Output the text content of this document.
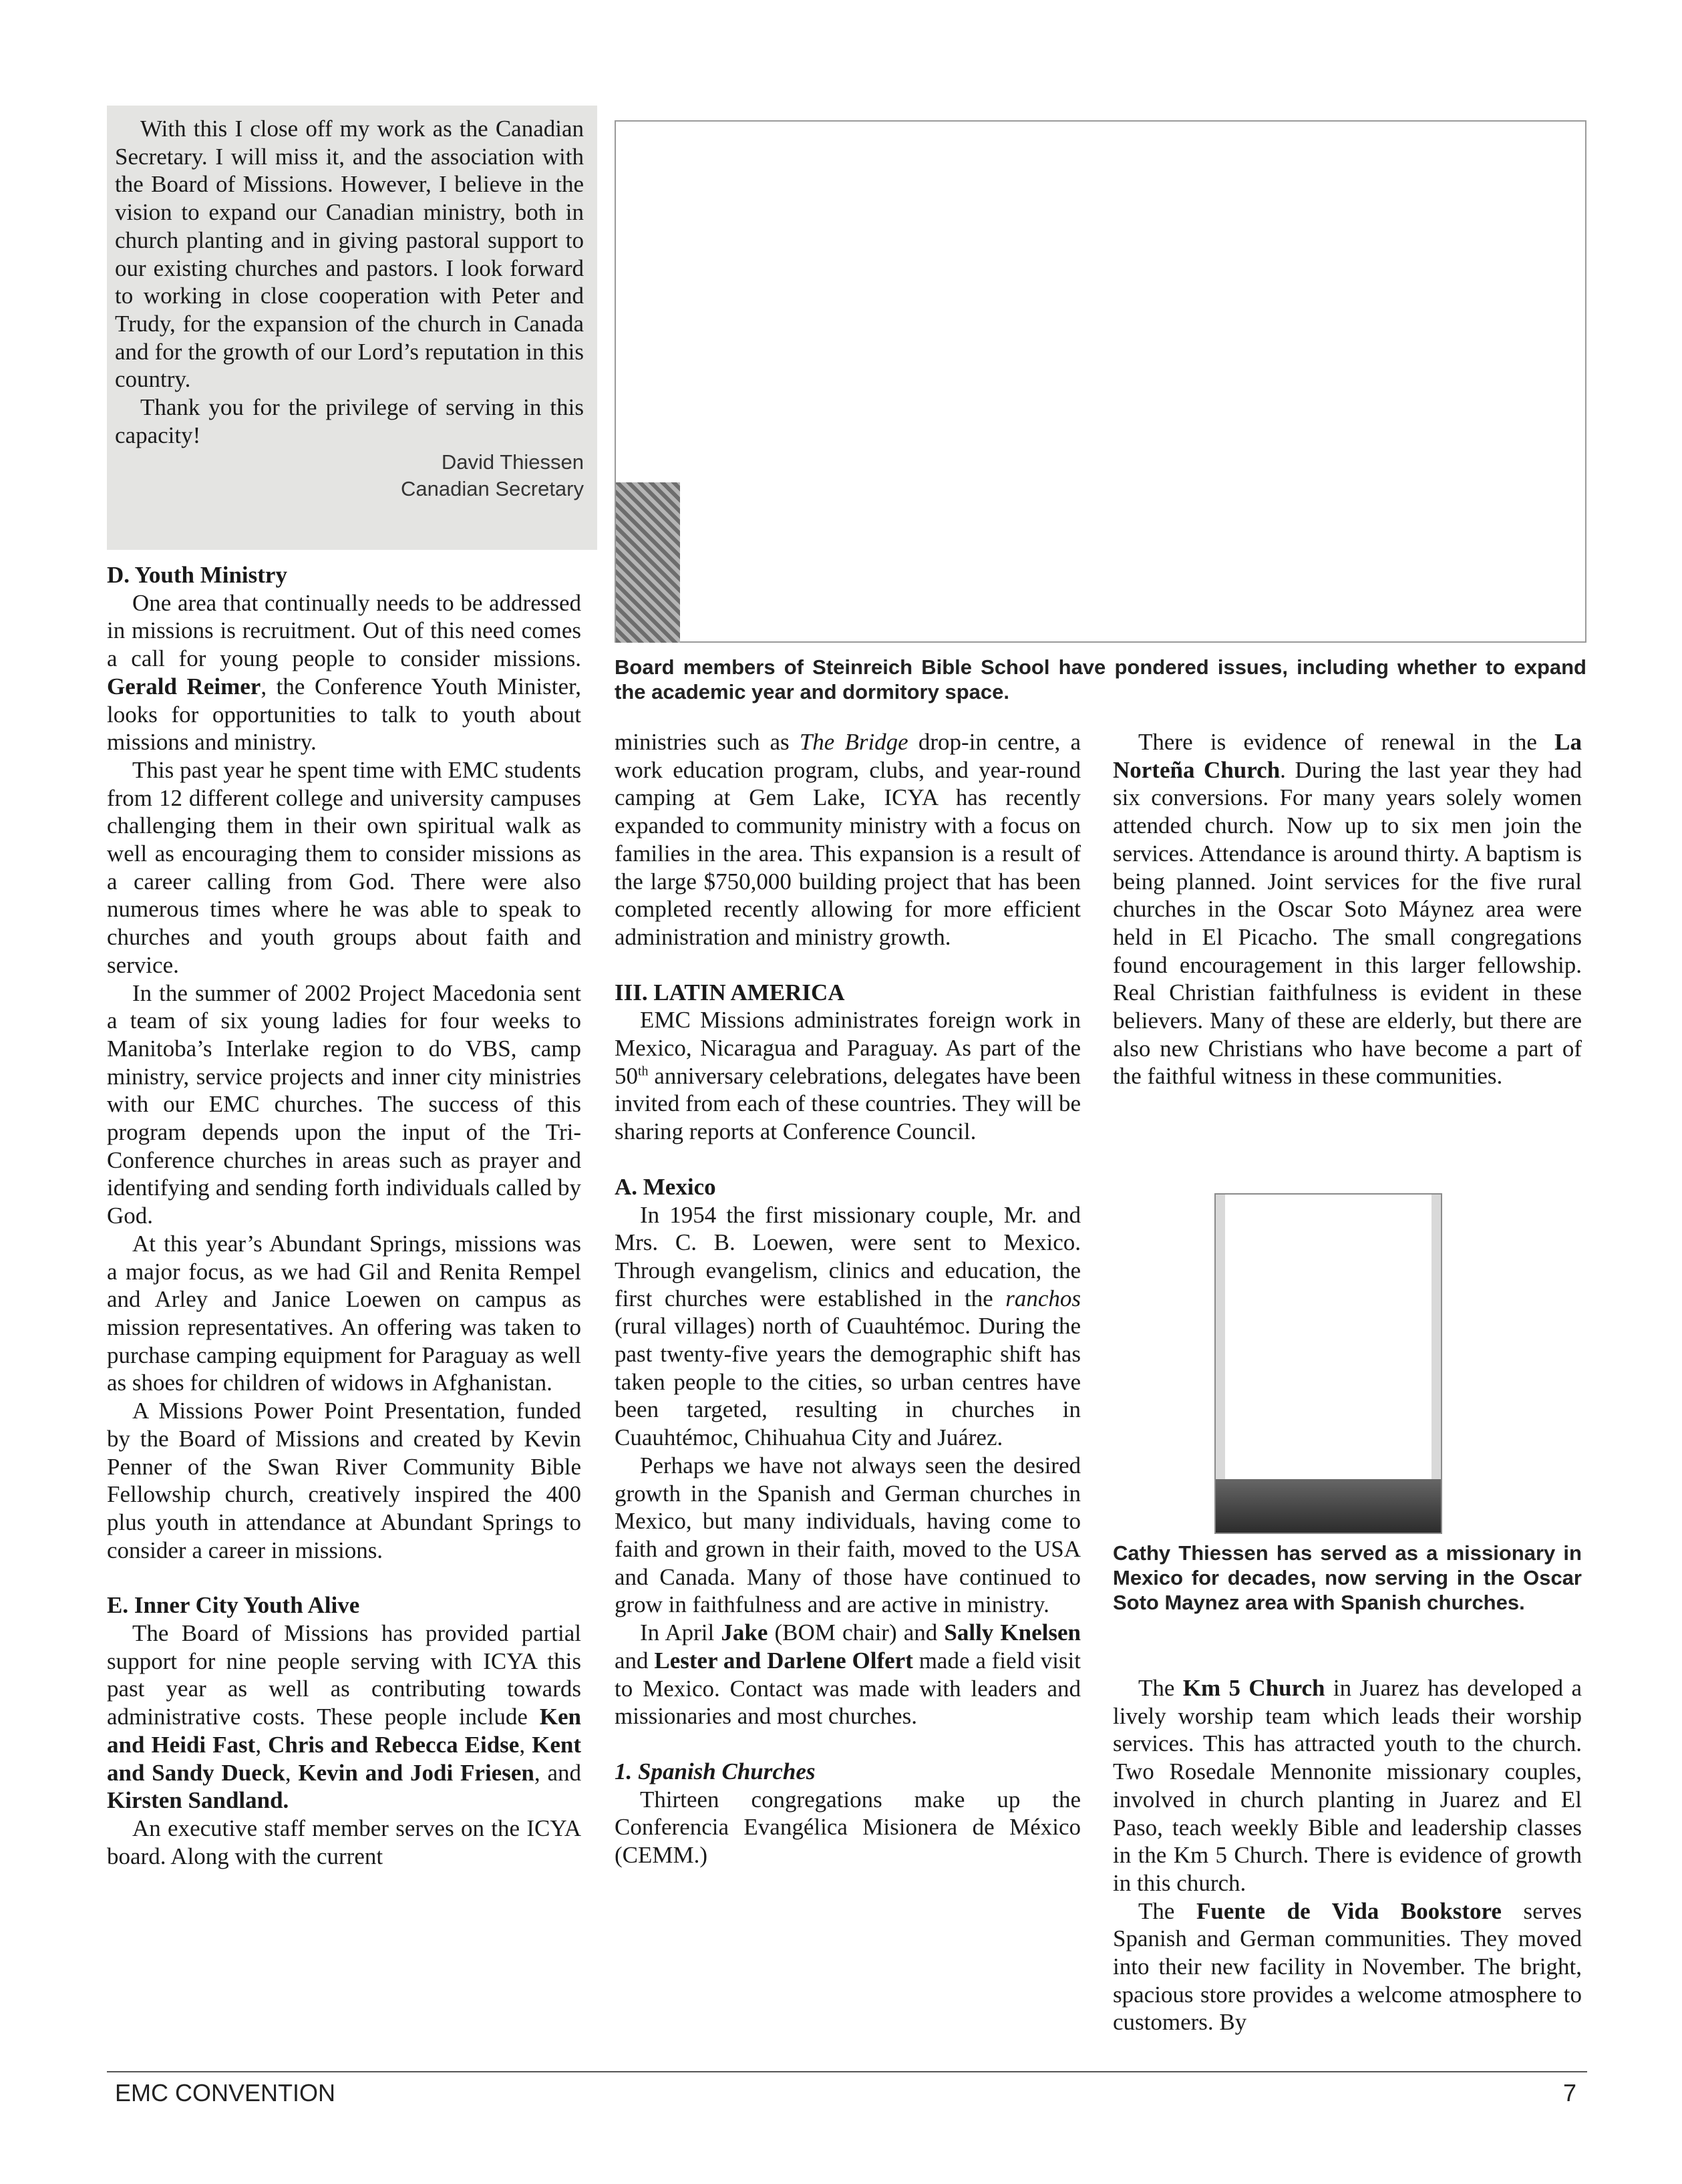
With this I close off my work as the Canadian Secretary. I will miss it, and the association with the Board of Missions. However, I believe in the vision to expand our Canadian ministry, both in church planting and in giving pastoral support to our existing churches and pastors. I look forward to working in close cooperation with Peter and Trudy, for the expansion of the church in Canada and for the growth of our Lord’s reputation in this country.

Thank you for the privilege of serving in this capacity!

David Thiessen
Canadian Secretary
D. Youth Ministry

One area that continually needs to be addressed in missions is recruitment. Out of this need comes a call for young people to consider missions. Gerald Reimer, the Conference Youth Minister, looks for opportunities to talk to youth about missions and ministry.

This past year he spent time with EMC students from 12 different college and university campuses challenging them in their own spiritual walk as well as encouraging them to consider missions as a career calling from God. There were also numerous times where he was able to speak to churches and youth groups about faith and service.

In the summer of 2002 Project Macedonia sent a team of six young ladies for four weeks to Manitoba’s Interlake region to do VBS, camp ministry, service projects and inner city ministries with our EMC churches. The success of this program depends upon the input of the Tri-Conference churches in areas such as prayer and identifying and sending forth individuals called by God.

At this year’s Abundant Springs, missions was a major focus, as we had Gil and Renita Rempel and Arley and Janice Loewen on campus as mission representatives. An offering was taken to purchase camping equipment for Paraguay as well as shoes for children of widows in Afghanistan.

A Missions Power Point Presentation, funded by the Board of Missions and created by Kevin Penner of the Swan River Community Bible Fellowship church, creatively inspired the 400 plus youth in attendance at Abundant Springs to consider a career in missions.

E. Inner City Youth Alive

The Board of Missions has provided partial support for nine people serving with ICYA this past year as well as contributing towards administrative costs. These people include Ken and Heidi Fast, Chris and Rebecca Eidse, Kent and Sandy Dueck, Kevin and Jodi Friesen, and Kirsten Sandland.

An executive staff member serves on the ICYA board. Along with the current

Board members of Steinreich Bible School have pondered issues, including whether to expand the academic year and dormitory space.

ministries such as The Bridge drop-in centre, a work education program, clubs, and year-round camping at Gem Lake, ICYA has recently expanded to community ministry with a focus on families in the area. This expansion is a result of the large $750,000 building project that has been completed recently allowing for more efficient administration and ministry growth.

III. LATIN AMERICA

EMC Missions administrates foreign work in Mexico, Nicaragua and Paraguay. As part of the 50th anniversary celebrations, delegates have been invited from each of these countries. They will be sharing reports at Conference Council.

A. Mexico

In 1954 the first missionary couple, Mr. and Mrs. C. B. Loewen, were sent to Mexico. Through evangelism, clinics and education, the first churches were established in the ranchos (rural villages) north of Cuauhtémoc. During the past twenty-five years the demographic shift has taken people to the cities, so urban centres have been targeted, resulting in churches in Cuauhtémoc, Chihuahua City and Juárez.

Perhaps we have not always seen the desired growth in the Spanish and German churches in Mexico, but many individuals, having come to faith and grown in their faith, moved to the USA and Canada. Many of those have continued to grow in faithfulness and are active in ministry.

In April Jake (BOM chair) and Sally Knelsen and Lester and Darlene Olfert made a field visit to Mexico. Contact was made with leaders and missionaries and most churches.

1. Spanish Churches

Thirteen congregations make up the Conferencia Evangélica Misionera de México (CEMM.)

There is evidence of renewal in the La Norteña Church. During the last year they had six conversions. For many years solely women attended church. Now up to six men join the services. Attendance is around thirty. A baptism is being planned. Joint services for the five rural churches in the Oscar Soto Máynez area were held in El Picacho. The small congregations found encouragement in this larger fellowship. Real Christian faithfulness is evident in these believers. Many of these are elderly, but there are also new Christians who have become a part of the faithful witness in these communities.

Cathy Thiessen has served as a missionary in Mexico for decades, now serving in the Oscar Soto Maynez area with Spanish churches.

The Km 5 Church in Juarez has developed a lively worship team which leads their worship services. This has attracted youth to the church. Two Rosedale Mennonite missionary couples, involved in church planting in Juarez and El Paso, teach weekly Bible and leadership classes in the Km 5 Church. There is evidence of growth in this church.

The Fuente de Vida Bookstore serves Spanish and German communities. They moved into their new facility in November. The bright, spacious store provides a welcome atmosphere to customers. By

EMC CONVENTION	7
